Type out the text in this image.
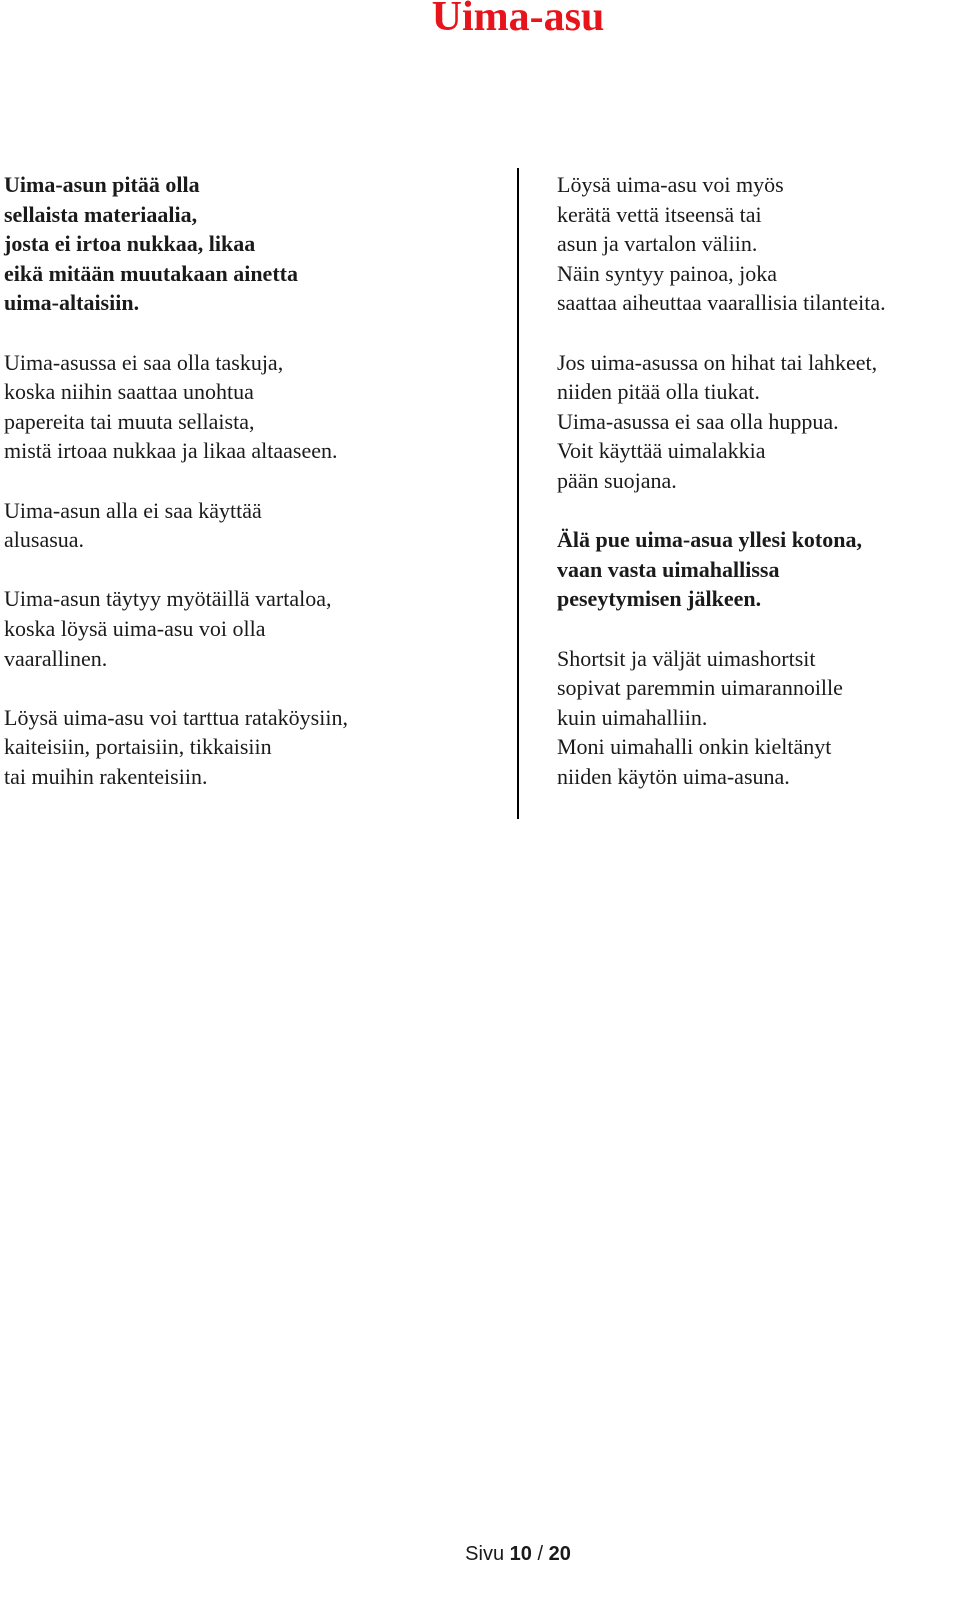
Uima-asu
Uima-asun pitää olla
sellaista materiaalia,
josta ei irtoa nukkaa, likaa
eikä mitään muutakaan ainetta
uima-altaisiin.
Uima-asussa ei saa olla taskuja,
koska niihin saattaa unohtua
papereita tai muuta sellaista,
mistä irtoaa nukkaa ja likaa altaaseen.
Uima-asun alla ei saa käyttää
alusasua.
Uima-asun täytyy myötäillä vartaloa,
koska löysä uima-asu voi olla
vaarallinen.
Löysä uima-asu voi tarttua rataköysiin,
kaiteisiin, portaisiin, tikkaisiin
tai muihin rakenteisiin.
Löysä uima-asu voi myös
kerätä vettä itseensä tai
asun ja vartalon väliin.
Näin syntyy painoa, joka
saattaa aiheuttaa vaarallisia tilanteita.
Jos uima-asussa on hihat tai lahkeet,
niiden pitää olla tiukat.
Uima-asussa ei saa olla huppua.
Voit käyttää uimalakkia
pään suojana.
Älä pue uima-asua yllesi kotona,
vaan vasta uimahallissa
peseytymisen jälkeen.
Shortsit ja väljät uimashortsit
sopivat paremmin uimarannoille
kuin uimahalliin.
Moni uimahalli onkin kieltänyt
niiden käytön uima-asuna.
Sivu 10 / 20
